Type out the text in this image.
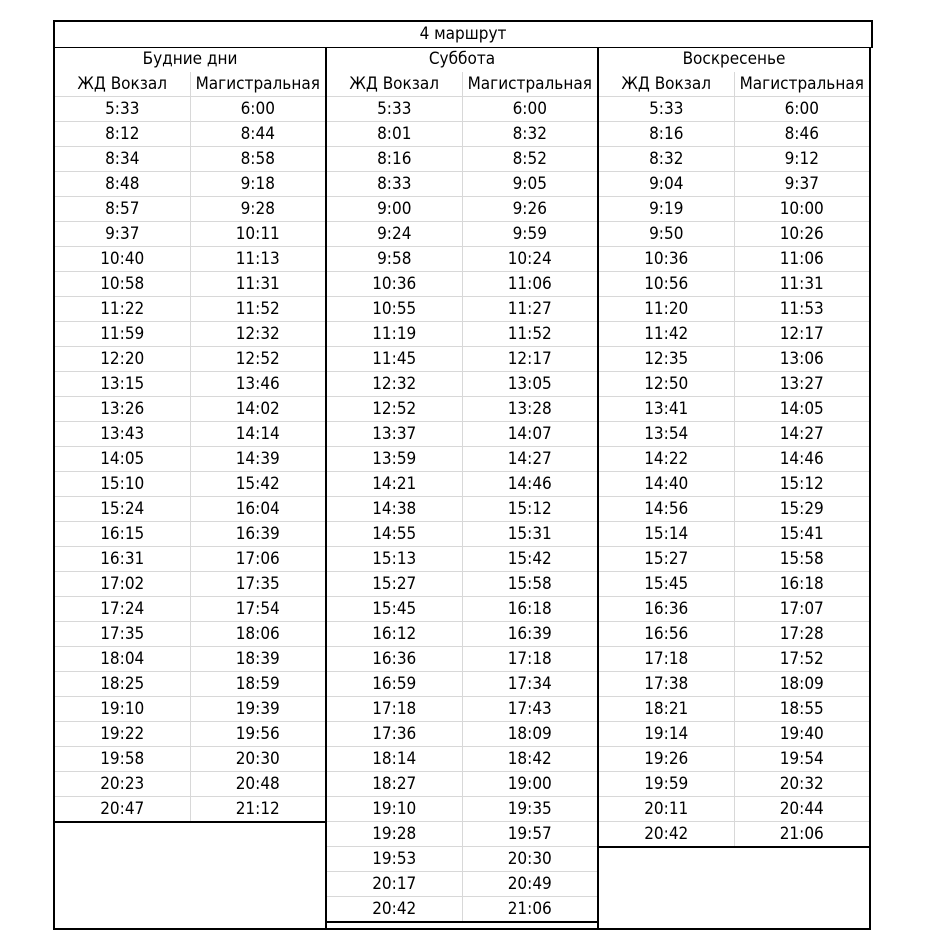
4 маршрут
Будние дни
ЖД Вокзал	Магистральная
5:33	6:00
8:12	8:44
8:34	8:58
8:48	9:18
8:57	9:28
9:37	10:11
10:40	11:13
10:58	11:31
11:22	11:52
11:59	12:32
12:20	12:52
13:15	13:46
13:26	14:02
13:43	14:14
14:05	14:39
15:10	15:42
15:24	16:04
16:15	16:39
16:31	17:06
17:02	17:35
17:24	17:54
17:35	18:06
18:04	18:39
18:25	18:59
19:10	19:39
19:22	19:56
19:58	20:30
20:23	20:48
20:47	21:12
Суббота
ЖД Вокзал	Магистральная
5:33	6:00
8:01	8:32
8:16	8:52
8:33	9:05
9:00	9:26
9:24	9:59
9:58	10:24
10:36	11:06
10:55	11:27
11:19	11:52
11:45	12:17
12:32	13:05
12:52	13:28
13:37	14:07
13:59	14:27
14:21	14:46
14:38	15:12
14:55	15:31
15:13	15:42
15:27	15:58
15:45	16:18
16:12	16:39
16:36	17:18
16:59	17:34
17:18	17:43
17:36	18:09
18:14	18:42
18:27	19:00
19:10	19:35
19:28	19:57
19:53	20:30
20:17	20:49
20:42	21:06
Воскресенье
ЖД Вокзал	Магистральная
5:33	6:00
8:16	8:46
8:32	9:12
9:04	9:37
9:19	10:00
9:50	10:26
10:36	11:06
10:56	11:31
11:20	11:53
11:42	12:17
12:35	13:06
12:50	13:27
13:41	14:05
13:54	14:27
14:22	14:46
14:40	15:12
14:56	15:29
15:14	15:41
15:27	15:58
15:45	16:18
16:36	17:07
16:56	17:28
17:18	17:52
17:38	18:09
18:21	18:55
19:14	19:40
19:26	19:54
19:59	20:32
20:11	20:44
20:42	21:06
